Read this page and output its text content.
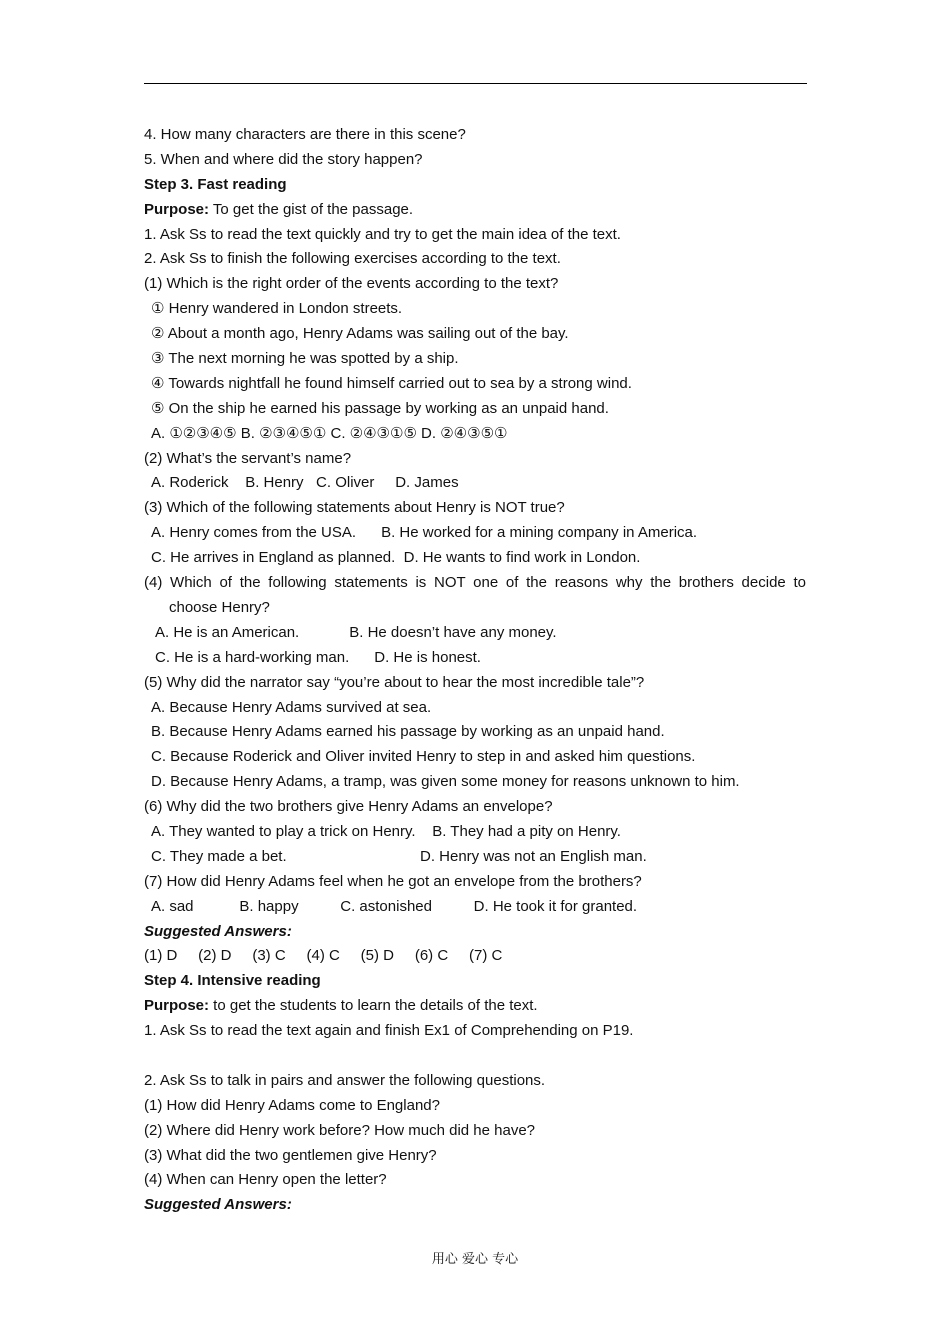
4. How many characters are there in this scene?
5. When and where did the story happen?
Step 3. Fast reading
Purpose: To get the gist of the passage.
1. Ask Ss to read the text quickly and try to get the main idea of the text.
2. Ask Ss to finish the following exercises according to the text.
(1) Which is the right order of the events according to the text?
① Henry wandered in London streets.
② About a month ago, Henry Adams was sailing out of the bay.
③ The next morning he was spotted by a ship.
④ Towards nightfall he found himself carried out to sea by a strong wind.
⑤ On the ship he earned his passage by working as an unpaid hand.
A. ①②③④⑤ B. ②③④⑤① C. ②④③①⑤ D. ②④③⑤①
(2) What’s the servant’s name?
A. Roderick    B. Henry   C. Oliver     D. James
(3) Which of the following statements about Henry is NOT true?
A. Henry comes from the USA.      B. He worked for a mining company in America.
C. He arrives in England as planned.  D. He wants to find work in London.
(4) Which of the following statements is NOT one of the reasons why the brothers decide to
choose Henry?
A. He is an American.            B. He doesn’t have any money.
C. He is a hard-working man.      D. He is honest.
(5) Why did the narrator say “you’re about to hear the most incredible tale”?
A. Because Henry Adams survived at sea.
B. Because Henry Adams earned his passage by working as an unpaid hand.
C. Because Roderick and Oliver invited Henry to step in and asked him questions.
D. Because Henry Adams, a tramp, was given some money for reasons unknown to him.
(6) Why did the two brothers give Henry Adams an envelope?
A. They wanted to play a trick on Henry.    B. They had a pity on Henry.
C. They made a bet.                                D. Henry was not an English man.
(7) How did Henry Adams feel when he got an envelope from the brothers?
A. sad           B. happy          C. astonished          D. He took it for granted.
Suggested Answers:
(1) D     (2) D     (3) C     (4) C     (5) D     (6) C     (7) C
Step 4. Intensive reading
Purpose: to get the students to learn the details of the text.
1. Ask Ss to read the text again and finish Ex1 of Comprehending on P19.
2. Ask Ss to talk in pairs and answer the following questions.
(1) How did Henry Adams come to England?
(2) Where did Henry work before? How much did he have?
(3) What did the two gentlemen give Henry?
(4) When can Henry open the letter?
Suggested Answers:
用心 爱心 专心
